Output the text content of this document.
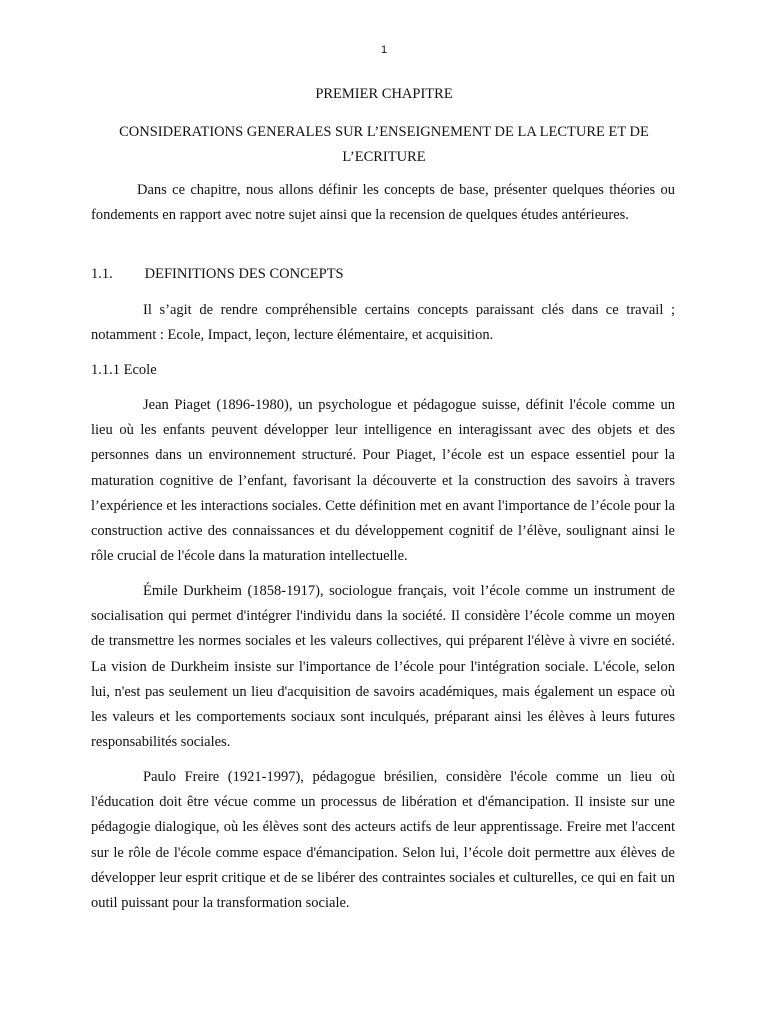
1
PREMIER CHAPITRE
CONSIDERATIONS GENERALES SUR L’ENSEIGNEMENT DE LA LECTURE ET DE L’ECRITURE

Dans ce chapitre, nous allons définir les concepts de base, présenter quelques théories ou fondements en rapport avec notre sujet ainsi que la recension de quelques études antérieures.

1.1. DEFINITIONS DES CONCEPTS

Il s’agit de rendre compréhensible certains concepts paraissant clés dans ce travail ; notamment : Ecole, Impact, leçon, lecture élémentaire, et acquisition.

1.1.1 Ecole

Jean Piaget (1896-1980), un psychologue et pédagogue suisse, définit l'école comme un lieu où les enfants peuvent développer leur intelligence en interagissant avec des objets et des personnes dans un environnement structuré. Pour Piaget, l’école est un espace essentiel pour la maturation cognitive de l’enfant, favorisant la découverte et la construction des savoirs à travers l’expérience et les interactions sociales. Cette définition met en avant l'importance de l’école pour la construction active des connaissances et du développement cognitif de l’élève, soulignant ainsi le rôle crucial de l'école dans la maturation intellectuelle.

Émile Durkheim (1858-1917), sociologue français, voit l’école comme un instrument de socialisation qui permet d'intégrer l'individu dans la société. Il considère l’école comme un moyen de transmettre les normes sociales et les valeurs collectives, qui préparent l'élève à vivre en société. La vision de Durkheim insiste sur l'importance de l’école pour l'intégration sociale. L'école, selon lui, n'est pas seulement un lieu d'acquisition de savoirs académiques, mais également un espace où les valeurs et les comportements sociaux sont inculqués, préparant ainsi les élèves à leurs futures responsabilités sociales.

Paulo Freire (1921-1997), pédagogue brésilien, considère l'école comme un lieu où l'éducation doit être vécue comme un processus de libération et d'émancipation. Il insiste sur une pédagogie dialogique, où les élèves sont des acteurs actifs de leur apprentissage. Freire met l'accent sur le rôle de l'école comme espace d'émancipation. Selon lui, l’école doit permettre aux élèves de développer leur esprit critique et de se libérer des contraintes sociales et culturelles, ce qui en fait un outil puissant pour la transformation sociale.
